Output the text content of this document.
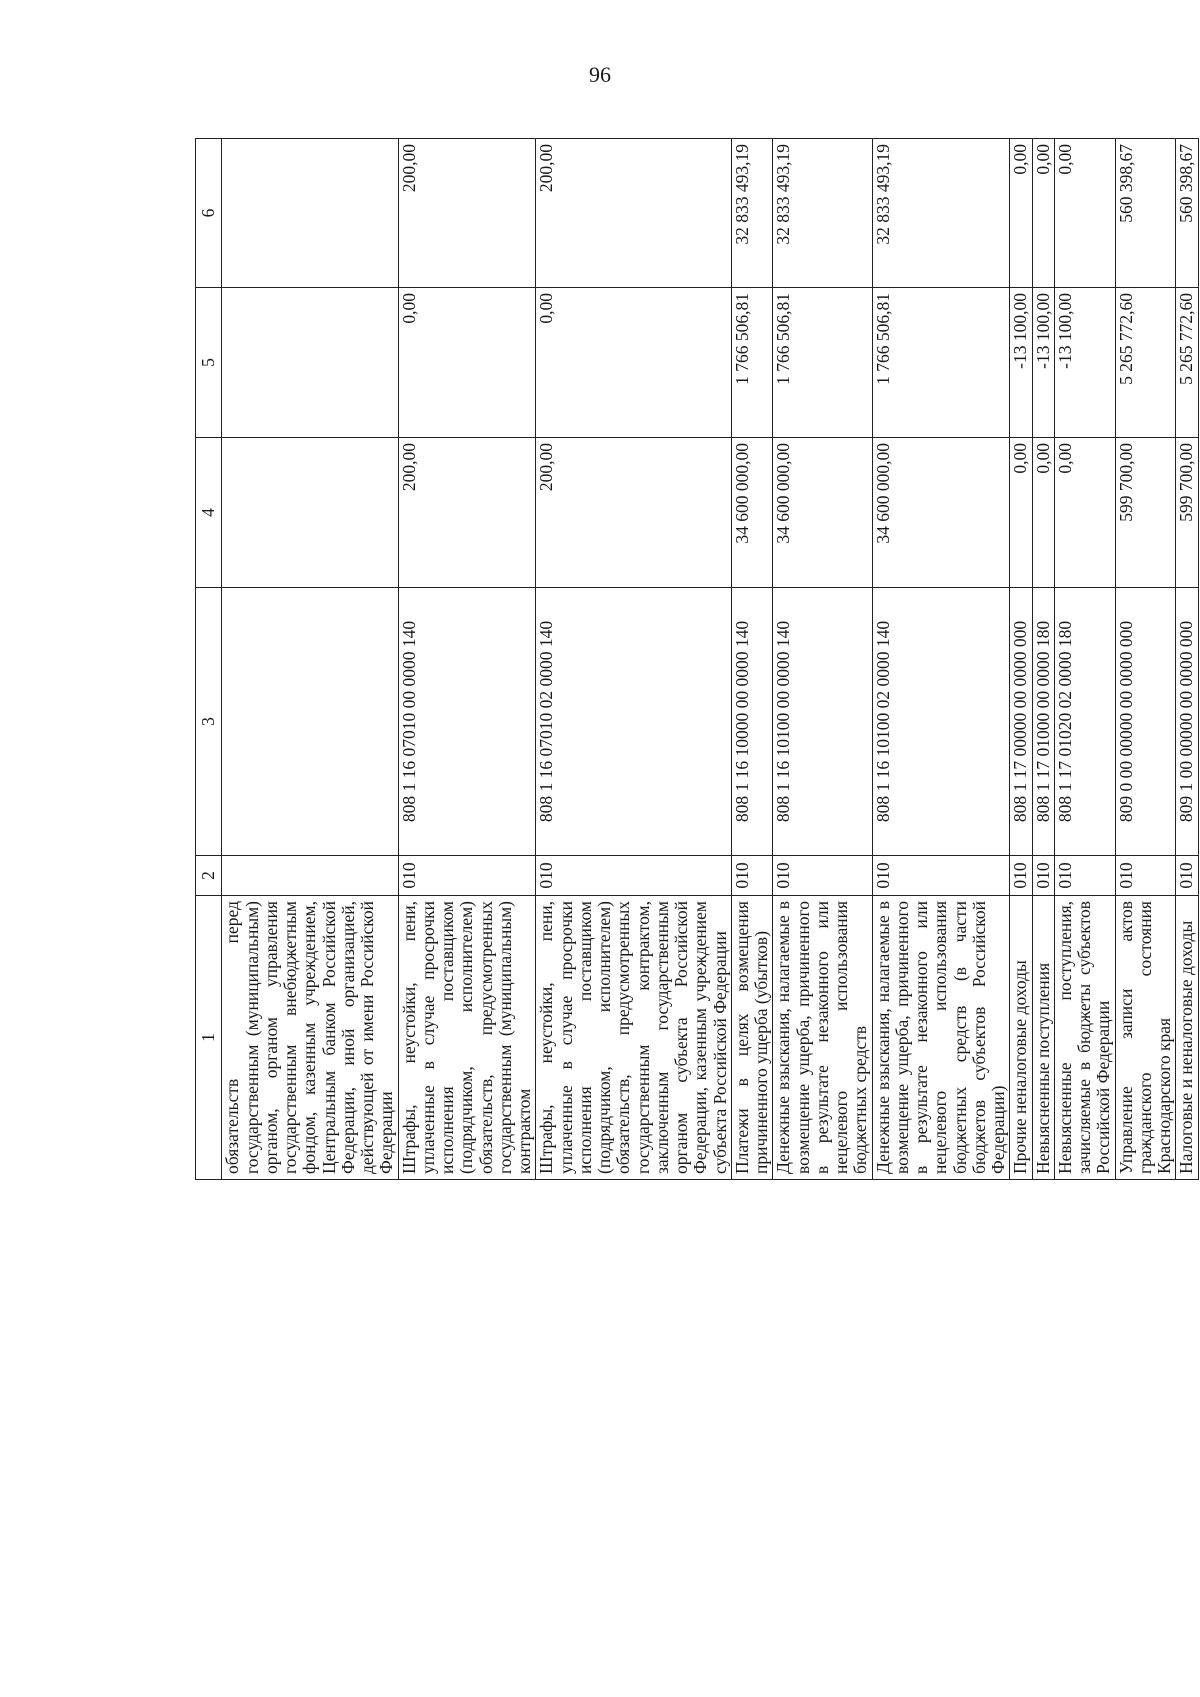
96
1	2	3	4	5	6
обязательств перед государственным (муниципальным) органом, органом управления государственным внебюджетным фондом, казенным учреждением, Центральным банком Российской Федерации, иной организацией, действующей от имени Российской Федерации					
Штрафы, неустойки, пени, уплаченные в случае просрочки исполнения поставщиком (подрядчиком, исполнителем) обязательств, предусмотренных государственным (муниципальным) контрактом	010	808 1 16 07010 00 0000 140	200,00	0,00	200,00
Штрафы, неустойки, пени, уплаченные в случае просрочки исполнения поставщиком (подрядчиком, исполнителем) обязательств, предусмотренных государственным контрактом, заключенным государственным органом субъекта Российской Федерации, казенным учреждением субъекта Российской Федерации	010	808 1 16 07010 02 0000 140	200,00	0,00	200,00
Платежи в целях возмещения причиненного ущерба (убытков)	010	808 1 16 10000 00 0000 140	34 600 000,00	1 766 506,81	32 833 493,19
Денежные взыскания, налагаемые в возмещение ущерба, причиненного в результате незаконного или нецелевого использования бюджетных средств	010	808 1 16 10100 00 0000 140	34 600 000,00	1 766 506,81	32 833 493,19
Денежные взыскания, налагаемые в возмещение ущерба, причиненного в результате незаконного или нецелевого использования бюджетных средств (в части бюджетов субъектов Российской Федерации)	010	808 1 16 10100 02 0000 140	34 600 000,00	1 766 506,81	32 833 493,19
Прочие неналоговые доходы	010	808 1 17 00000 00 0000 000	0,00	-13 100,00	0,00
Невыясненные поступления	010	808 1 17 01000 00 0000 180	0,00	-13 100,00	0,00
Невыясненные поступления, зачисляемые в бюджеты субъектов Российской Федерации	010	808 1 17 01020 02 0000 180	0,00	-13 100,00	0,00
Управление записи актов гражданского состояния Краснодарского края	010	809 0 00 00000 00 0000 000	599 700,00	5 265 772,60	560 398,67
Налоговые и неналоговые доходы	010	809 1 00 00000 00 0000 000	599 700,00	5 265 772,60	560 398,67
